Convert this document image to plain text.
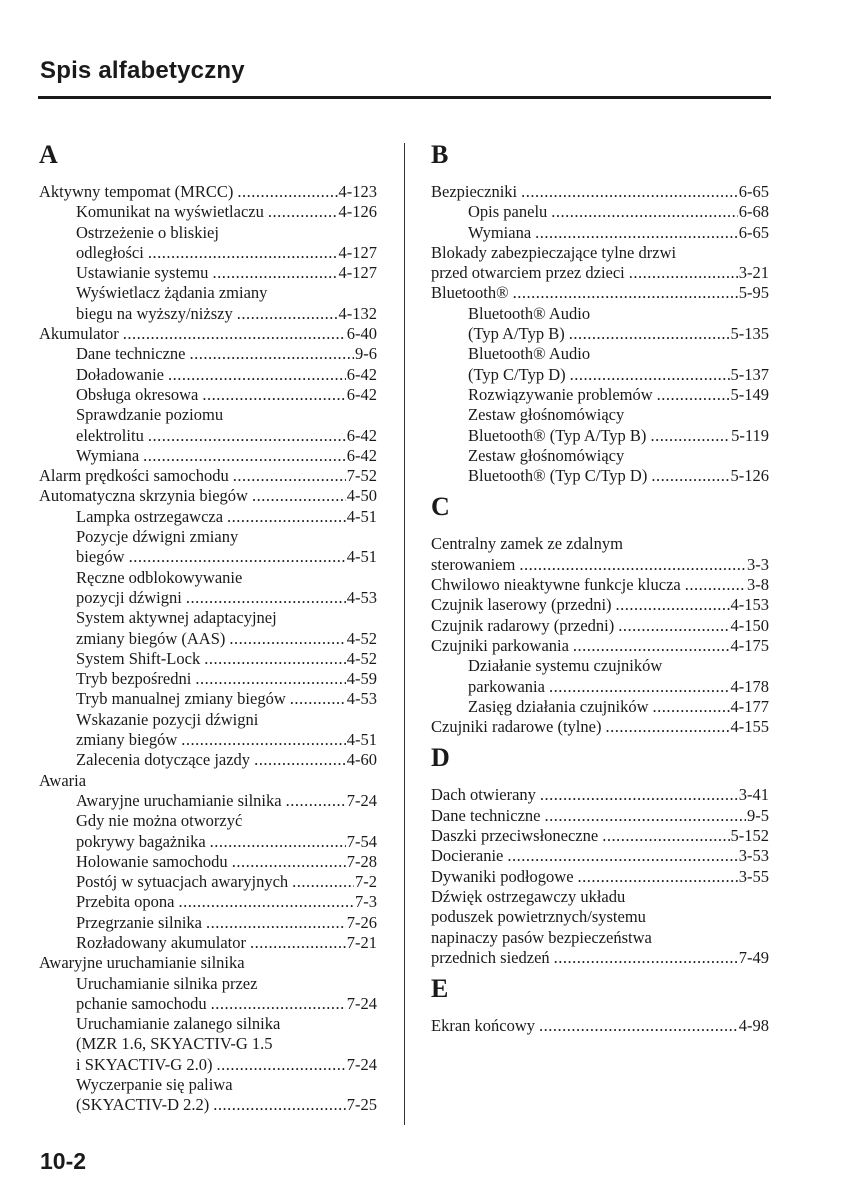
Spis alfabetyczny
A
Aktywny tempomat (MRCC) .....	4-123
Komunikat na wyświetlaczu .....	4-126
Ostrzeżenie o bliskiej
odległości .....	4-127
Ustawianie systemu .....	4-127
Wyświetlacz żądania zmiany
biegu na wyższy/niższy .....	4-132
Akumulator .....	6-40
Dane techniczne .....	9-6
Doładowanie .....	6-42
Obsługa okresowa .....	6-42
Sprawdzanie poziomu
elektrolitu .....	6-42
Wymiana .....	6-42
Alarm prędkości samochodu .....	7-52
Automatyczna skrzynia biegów .....	4-50
Lampka ostrzegawcza .....	4-51
Pozycje dźwigni zmiany
biegów .....	4-51
Ręczne odblokowywanie
pozycji dźwigni .....	4-53
System aktywnej adaptacyjnej
zmiany biegów (AAS) .....	4-52
System Shift-Lock .....	4-52
Tryb bezpośredni .....	4-59
Tryb manualnej zmiany biegów .....	4-53
Wskazanie pozycji dźwigni
zmiany biegów .....	4-51
Zalecenia dotyczące jazdy .....	4-60
Awaria
Awaryjne uruchamianie silnika .....	7-24
Gdy nie można otworzyć
pokrywy bagażnika .....	7-54
Holowanie samochodu .....	7-28
Postój w sytuacjach awaryjnych .....	7-2
Przebita opona .....	7-3
Przegrzanie silnika .....	7-26
Rozładowany akumulator .....	7-21
Awaryjne uruchamianie silnika
Uruchamianie silnika przez
pchanie samochodu .....	7-24
Uruchamianie zalanego silnika
(MZR 1.6, SKYACTIV-G 1.5
i SKYACTIV-G 2.0) .....	7-24
Wyczerpanie się paliwa
(SKYACTIV-D 2.2) .....	7-25
B
Bezpieczniki .....	6-65
Opis panelu .....	6-68
Wymiana .....	6-65
Blokady zabezpieczające tylne drzwi
przed otwarciem przez dzieci .....	3-21
Bluetooth® .....	5-95
Bluetooth® Audio
(Typ A/Typ B) .....	5-135
Bluetooth® Audio
(Typ C/Typ D) .....	5-137
Rozwiązywanie problemów .....	5-149
Zestaw głośnomówiący
Bluetooth® (Typ A/Typ B) .....	5-119
Zestaw głośnomówiący
Bluetooth® (Typ C/Typ D) .....	5-126
C
Centralny zamek ze zdalnym
sterowaniem .....	3-3
Chwilowo nieaktywne funkcje klucza .....	3-8
Czujnik laserowy (przedni) .....	4-153
Czujnik radarowy (przedni) .....	4-150
Czujniki parkowania .....	4-175
Działanie systemu czujników
parkowania .....	4-178
Zasięg działania czujników .....	4-177
Czujniki radarowe (tylne) .....	4-155
D
Dach otwierany .....	3-41
Dane techniczne .....	9-5
Daszki przeciwsłoneczne .....	5-152
Docieranie .....	3-53
Dywaniki podłogowe .....	3-55
Dźwięk ostrzegawczy układu
poduszek powietrznych/systemu
napinaczy pasów bezpieczeństwa
przednich siedzeń .....	7-49
E
Ekran końcowy .....	4-98
10-2
